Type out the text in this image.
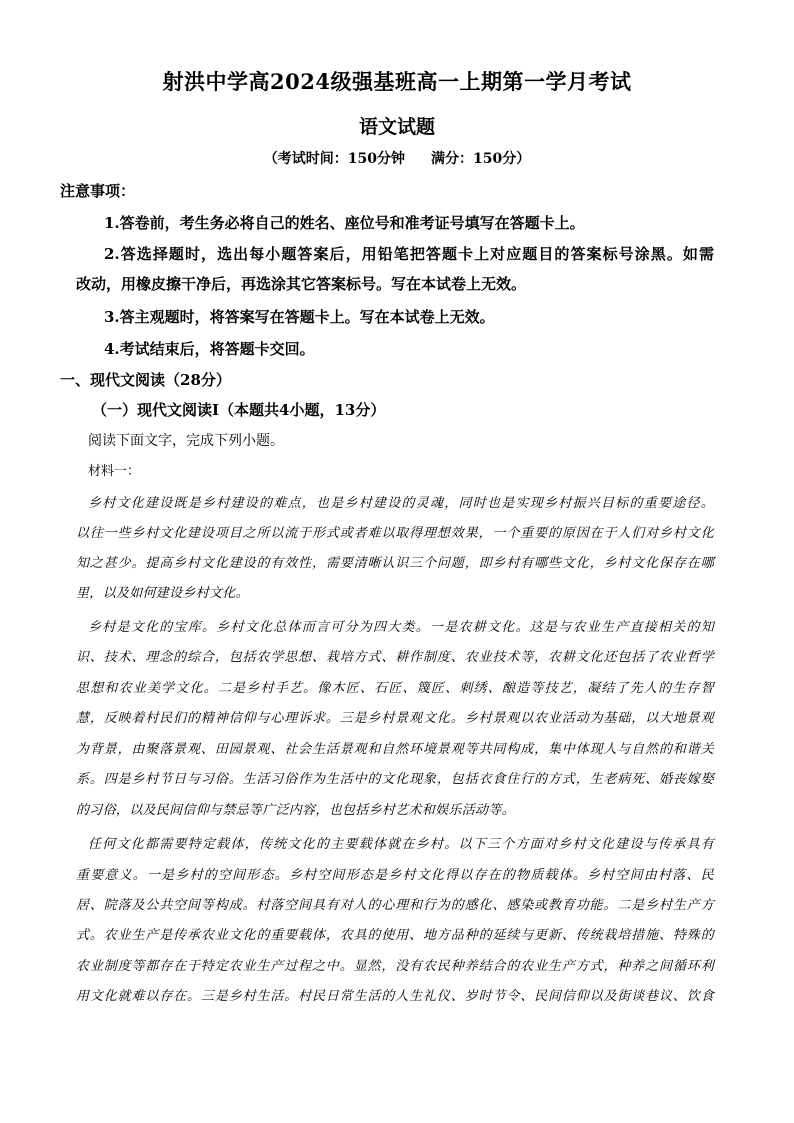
射洪中学高2024级强基班高一上期第一学月考试
语文试题
（考试时间：150分钟 满分：150分）
注意事项：
1.答卷前，考生务必将自己的姓名、座位号和准考证号填写在答题卡上。
2.答选择题时，选出每小题答案后，用铅笔把答题卡上对应题目的答案标号涂黑。如需
改动，用橡皮擦干净后，再选涂其它答案标号。写在本试卷上无效。
3.答主观题时，将答案写在答题卡上。写在本试卷上无效。
4.考试结束后，将答题卡交回。
一、现代文阅读（28分）
（一）现代文阅读Ⅰ（本题共4小题，13分）
阅读下面文字，完成下列小题。
材料一：
乡村文化建设既是乡村建设的难点，也是乡村建设的灵魂，同时也是实现乡村振兴目标的重要途径。
以往一些乡村文化建设项目之所以流于形式或者难以取得理想效果，一个重要的原因在于人们对乡村文化
知之甚少。提高乡村文化建设的有效性，需要清晰认识三个问题，即乡村有哪些文化，乡村文化保存在哪
里，以及如何建设乡村文化。
乡村是文化的宝库。乡村文化总体而言可分为四大类。一是农耕文化。这是与农业生产直接相关的知
识、技术、理念的综合，包括农学思想、栽培方式、耕作制度、农业技术等，农耕文化还包括了农业哲学
思想和农业美学文化。二是乡村手艺。像木匠、石匠、篾匠、刺绣、酿造等技艺，凝结了先人的生存智
慧，反映着村民们的精神信仰与心理诉求。三是乡村景观文化。乡村景观以农业活动为基础，以大地景观
为背景，由聚落景观、田园景观、社会生活景观和自然环境景观等共同构成，集中体现人与自然的和谐关
系。四是乡村节日与习俗。生活习俗作为生活中的文化现象，包括衣食住行的方式，生老病死、婚丧嫁娶
的习俗，以及民间信仰与禁忌等广泛内容，也包括乡村艺术和娱乐活动等。
任何文化都需要特定载体，传统文化的主要载体就在乡村。以下三个方面对乡村文化建设与传承具有
重要意义。一是乡村的空间形态。乡村空间形态是乡村文化得以存在的物质载体。乡村空间由村落、民
居、院落及公共空间等构成。村落空间具有对人的心理和行为的感化、感染或教育功能。二是乡村生产方
式。农业生产是传承农业文化的重要载体，农具的使用、地方品种的延续与更新、传统栽培措施、特殊的
农业制度等都存在于特定农业生产过程之中。显然，没有农民种养结合的农业生产方式，种养之间循环利
用文化就难以存在。三是乡村生活。村民日常生活的人生礼仪、岁时节令、民间信仰以及街谈巷议、饮食
